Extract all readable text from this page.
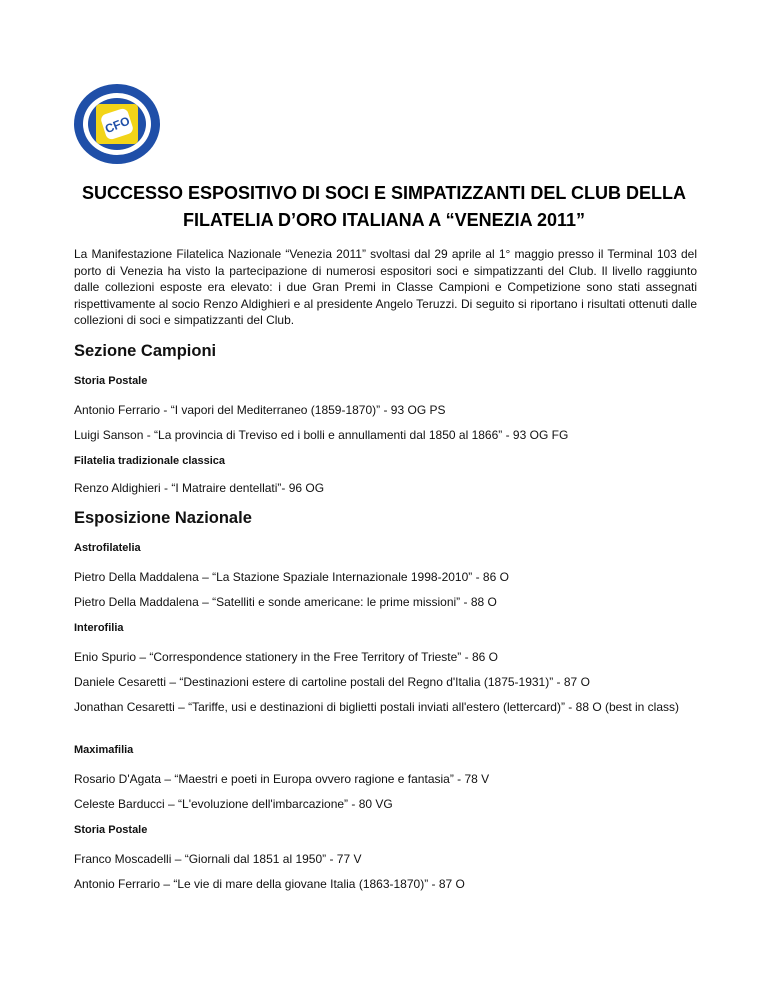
CFO
SUCCESSO ESPOSITIVO DI SOCI E SIMPATIZZANTI DEL CLUB DELLA
FILATELIA D’ORO ITALIANA A “VENEZIA 2011”

La Manifestazione Filatelica Nazionale “Venezia 2011” svoltasi dal 29 aprile al 1° maggio presso il Terminal 103 del porto di Venezia ha visto la partecipazione di numerosi espositori soci e simpatizzanti del Club. Il livello raggiunto dalle collezioni esposte era elevato: i due Gran Premi in Classe Campioni e Competizione sono stati assegnati rispettivamente al socio Renzo Aldighieri e al presidente Angelo Teruzzi. Di seguito si riportano i risultati ottenuti dalle collezioni di soci e simpatizzanti del Club.

Sezione Campioni

Storia Postale

Antonio Ferrario - “I vapori del Mediterraneo (1859-1870)” - 93 OG PS

Luigi Sanson - “La provincia di Treviso ed i bolli e annullamenti dal 1850 al 1866” - 93 OG FG

Filatelia tradizionale classica

Renzo Aldighieri - “I Matraire dentellati”- 96 OG

Esposizione Nazionale

Astrofilatelia

Pietro Della Maddalena – “La Stazione Spaziale Internazionale 1998-2010” - 86 O

Pietro Della Maddalena – “Satelliti e sonde americane: le prime missioni” - 88 O

Interofilia

Enio Spurio – “Correspondence stationery in the Free Territory of Trieste” - 86 O

Daniele Cesaretti – “Destinazioni estere di cartoline postali del Regno d'Italia (1875-1931)” - 87 O

Jonathan Cesaretti – “Tariffe, usi e destinazioni di biglietti postali inviati all'estero (lettercard)” - 88 O (best in class)

Maximafilia

Rosario D'Agata – “Maestri e poeti in Europa ovvero ragione e fantasia” - 78 V

Celeste Barducci – “L'evoluzione dell'imbarcazione” - 80 VG

Storia Postale

Franco Moscadelli – “Giornali dal 1851 al 1950” - 77 V

Antonio Ferrario – “Le vie di mare della giovane Italia (1863-1870)” - 87 O
